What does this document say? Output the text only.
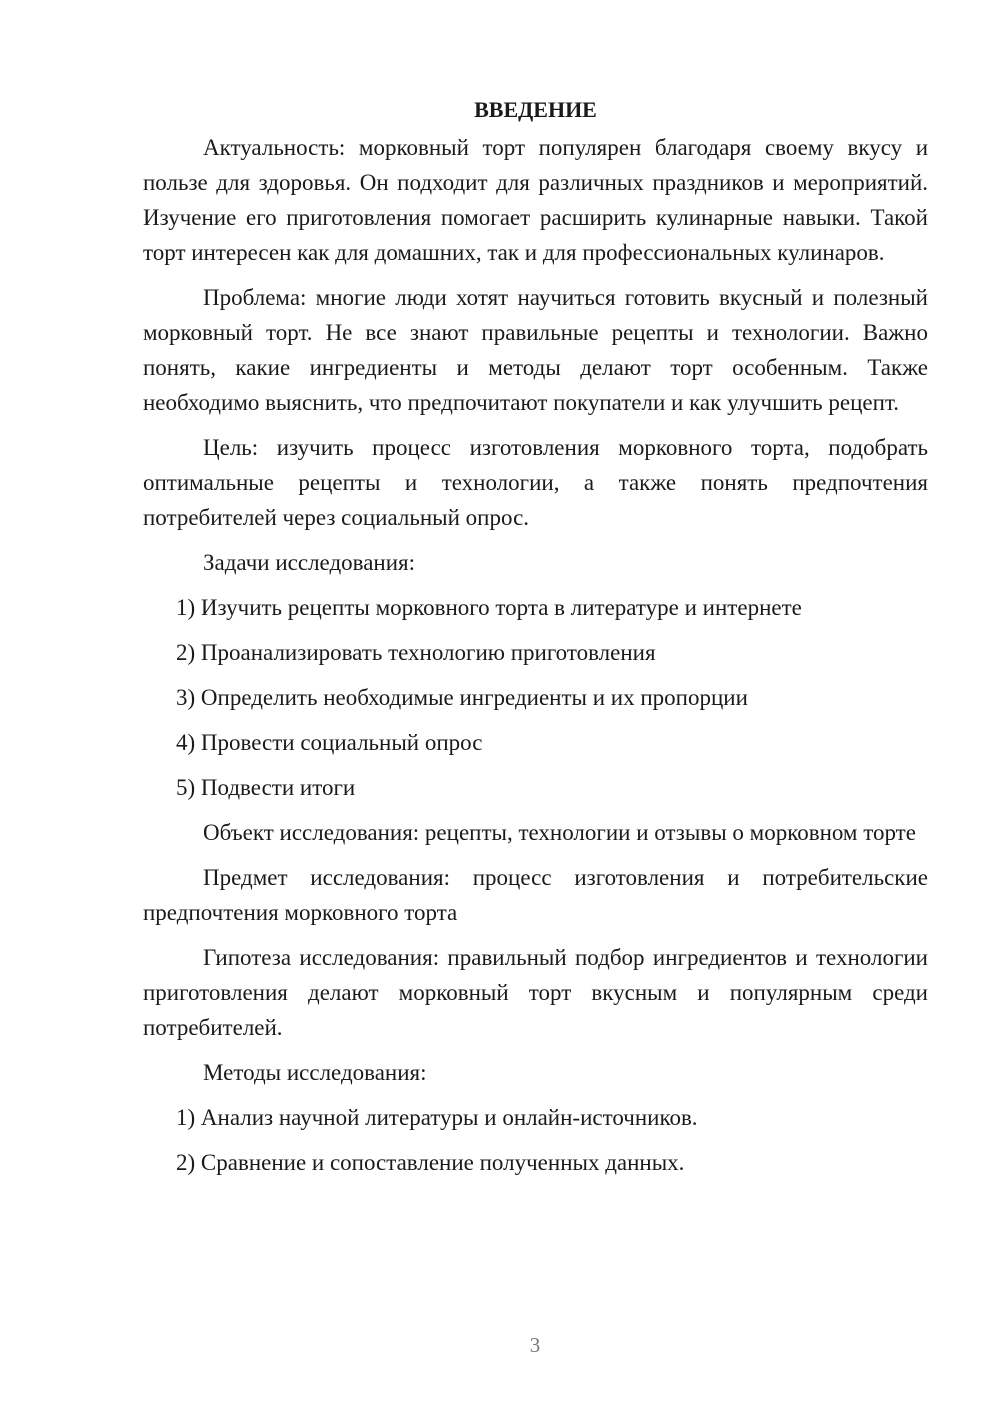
ВВЕДЕНИЕ

Актуальность: морковный торт популярен благодаря своему вкусу и пользе для здоровья. Он подходит для различных праздников и мероприятий. Изучение его приготовления помогает расширить кулинарные навыки. Такой торт интересен как для домашних, так и для профессиональных кулинаров.

Проблема: многие люди хотят научиться готовить вкусный и полезный морковный торт. Не все знают правильные рецепты и технологии. Важно понять, какие ингредиенты и методы делают торт особенным. Также необходимо выяснить, что предпочитают покупатели и как улучшить рецепт.

Цель: изучить процесс изготовления морковного торта, подобрать оптимальные рецепты и технологии, а также понять предпочтения потребителей через социальный опрос.

Задачи исследования:

1) Изучить рецепты морковного торта в литературе и интернете
2) Проанализировать технологию приготовления
3) Определить необходимые ингредиенты и их пропорции
4) Провести социальный опрос
5) Подвести итоги

Объект исследования: рецепты, технологии и отзывы о морковном торте

Предмет исследования: процесс изготовления и потребительские предпочтения морковного торта

Гипотеза исследования: правильный подбор ингредиентов и технологии приготовления делают морковный торт вкусным и популярным среди потребителей.

Методы исследования:

1) Анализ научной литературы и онлайн-источников.
2) Сравнение и сопоставление полученных данных.
3
